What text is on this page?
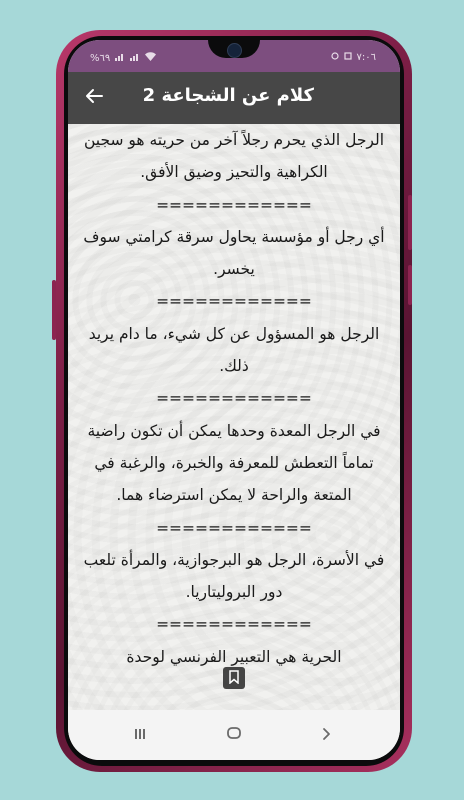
%٦٩	٧:٠٦
كلام عن الشجاعة 2

الرجل الذي يحرم رجلاً آخر من حريته هو سجين الكراهية والتحيز وضيق الأفق.

============

أي رجل أو مؤسسة يحاول سرقة كرامتي سوف يخسر.

============

الرجل هو المسؤول عن كل شيء، ما دام يريد ذلك.

============

في الرجل المعدة وحدها يمكن أن تكون راضية تماماً التعطش للمعرفة والخبرة، والرغبة في المتعة والراحة لا يمكن استرضاء هما.

============

في الأسرة، الرجل هو البرجوازية، والمرأة تلعب دور البروليتاريا.

============

الحرية هي التعبير الفرنسي لوحدة
